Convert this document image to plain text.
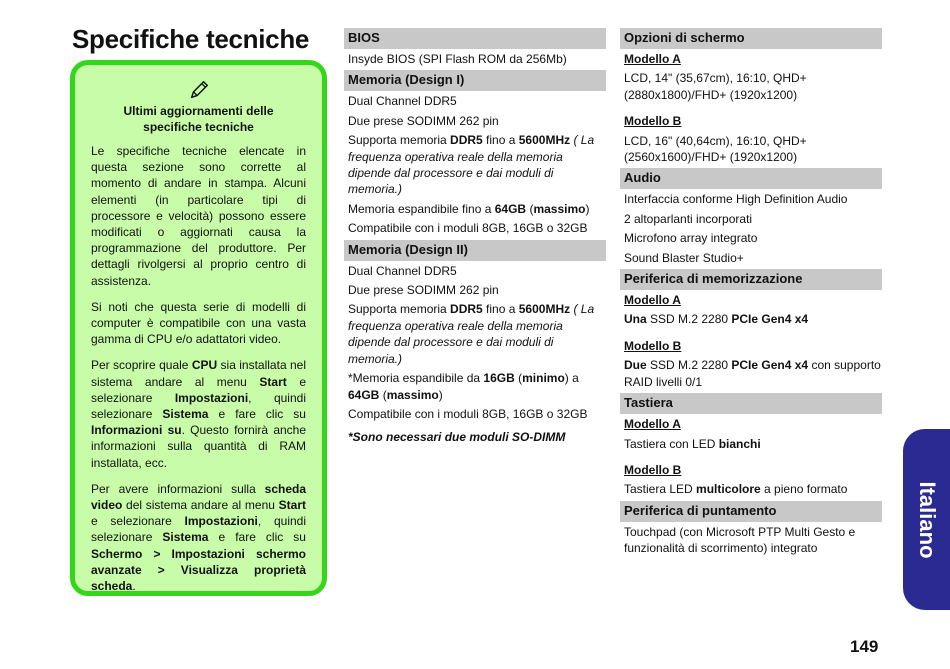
Specifiche tecniche
Ultimi aggiornamenti delle specifiche tecniche

Le specifiche tecniche elencate in questa sezione sono corrette al momento di andare in stampa. Alcuni elementi (in particolare tipi di processore e velocità) possono essere modificati o aggiornati causa la programmazione del produttore. Per dettagli rivolgersi al proprio centro di assistenza.

Si noti che questa serie di modelli di computer è compatibile con una vasta gamma di CPU e/o adattatori video.

Per scoprire quale CPU sia installata nel sistema andare al menu Start e selezionare Impostazioni, quindi selezionare Sistema e fare clic su Informazioni su. Questo fornirà anche informazioni sulla quantità di RAM installata, ecc.

Per avere informazioni sulla scheda video del sistema andare al menu Start e selezionare Impostazioni, quindi selezionare Sistema e fare clic su Schermo > Impostazioni schermo avanzate > Visualizza proprietà scheda.

BIOS
Insyde BIOS (SPI Flash ROM da 256Mb)
Memoria (Design I)
Dual Channel DDR5
Due prese SODIMM 262 pin
Supporta memoria DDR5 fino a 5600MHz ( La frequenza operativa reale della memoria dipende dal processore e dai moduli di memoria.)
Memoria espandibile fino a 64GB (massimo)
Compatibile con i moduli 8GB, 16GB o 32GB
Memoria (Design II)
Dual Channel DDR5
Due prese SODIMM 262 pin
Supporta memoria DDR5 fino a 5600MHz ( La frequenza operativa reale della memoria dipende dal processore e dai moduli di memoria.)
*Memoria espandibile da 16GB (minimo) a 64GB (massimo)
Compatibile con i moduli 8GB, 16GB o 32GB
*Sono necessari due moduli SO-DIMM
Opzioni di schermo
Modello A
LCD, 14" (35,67cm), 16:10, QHD+ (2880x1800)/FHD+ (1920x1200)
Modello B
LCD, 16" (40,64cm), 16:10, QHD+ (2560x1600)/FHD+ (1920x1200)
Audio
Interfaccia conforme High Definition Audio
2 altoparlanti incorporati
Microfono array integrato
Sound Blaster Studio+
Periferica di memorizzazione
Modello A
Una SSD M.2 2280 PCIe Gen4 x4
Modello B
Due SSD M.2 2280 PCIe Gen4 x4 con supporto RAID livelli 0/1
Tastiera
Modello A
Tastiera con LED bianchi
Modello B
Tastiera LED multicolore a pieno formato
Periferica di puntamento
Touchpad (con Microsoft PTP Multi Gesto e funzionalità di scorrimento) integrato	Italiano
149
